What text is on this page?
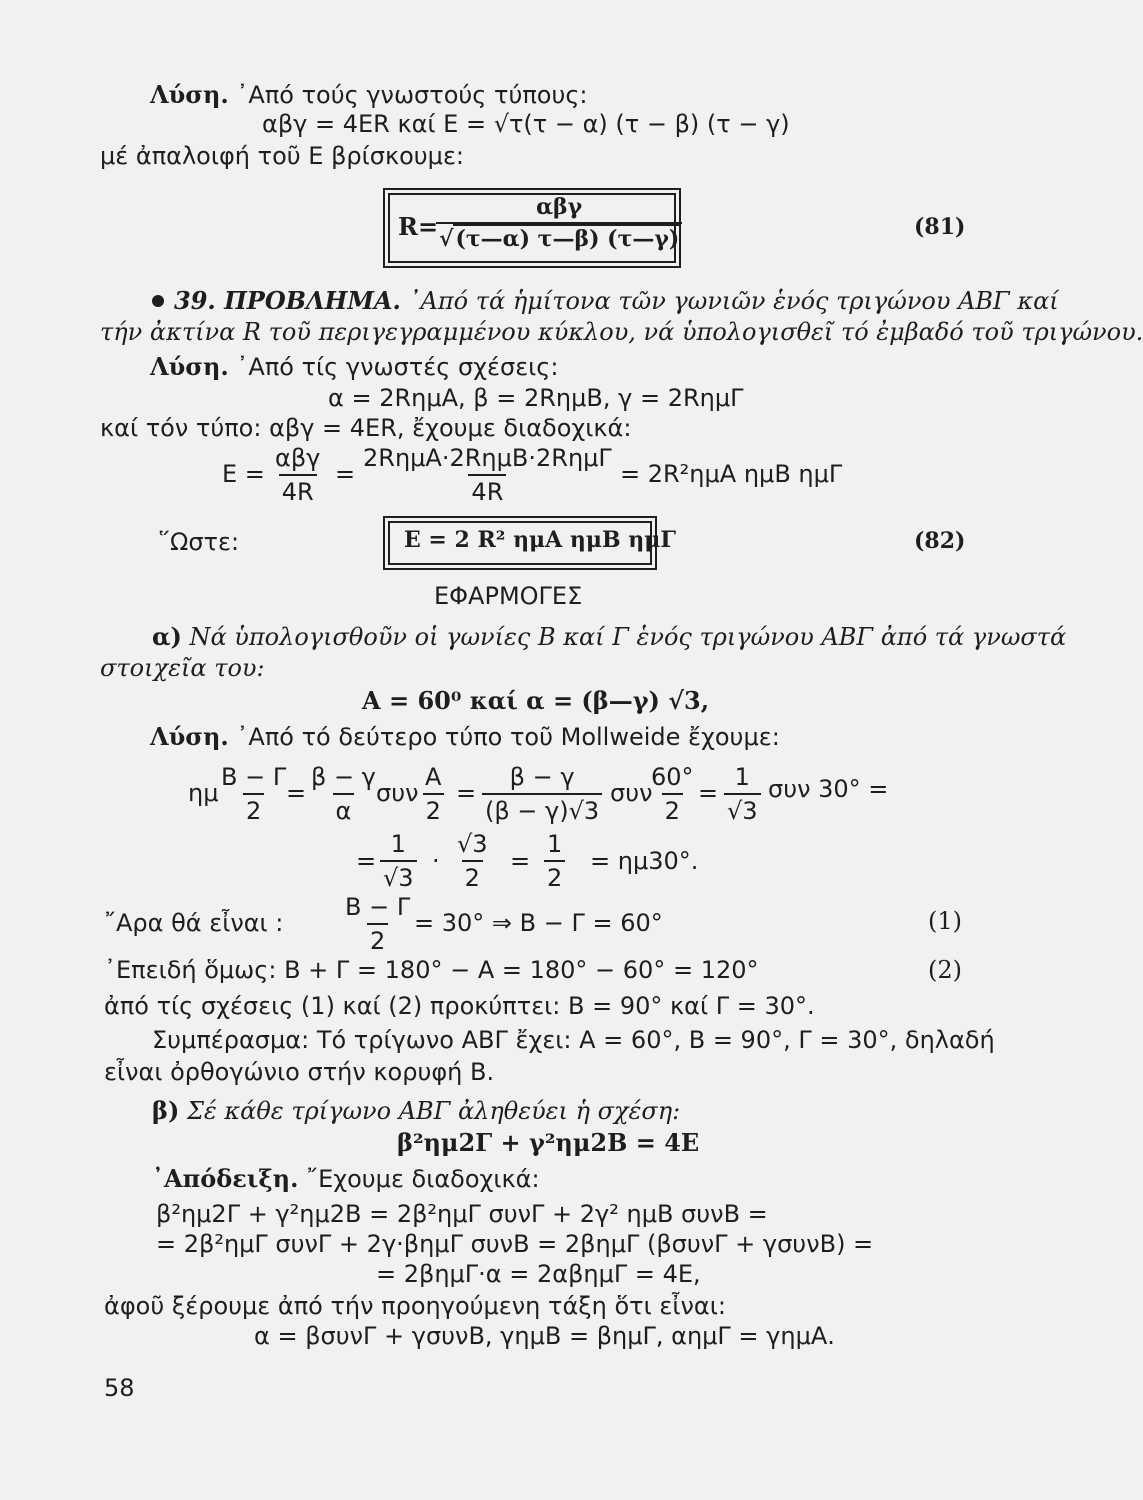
Λύση. ᾿Από τούς γνωστούς τύπους:
αβγ = 4ER καί E = √τ(τ − α) (τ − β) (τ − γ)
μέ ἀπαλοιφή τοῦ E βρίσκουμε:
R=
αβγ
√(τ—α) τ—β) (τ—γ)	(81)
39. ΠΡΟΒΛΗΜΑ. ᾿Από τά ἡμίτονα τῶν γωνιῶν ἑνός τριγώνου ΑΒΓ καί
τήν ἀκτίνα R τοῦ περιγεγραμμένου κύκλου, νά ὑπολογισθεῖ τό ἐμβαδό τοῦ τριγώνου.
Λύση. ᾿Από τίς γνωστές σχέσεις:
α = 2RημΑ, β = 2RημΒ, γ = 2RημΓ
καί τόν τύπο: αβγ = 4ER, ἔχουμε διαδοχικά:
E =
αβγ
4R
=
2RημΑ·2RημΒ·2RημΓ
4R
= 2R²ημΑ ημΒ ημΓ
῞Ωστε:	E = 2 R² ημΑ ημΒ ημΓ	(82)
ΕΦΑΡΜΟΓΕΣ
α) Νά ὑπολογισθοῦν οἱ γωνίες Β καί Γ ἑνός τριγώνου ΑΒΓ ἀπό τά γνωστά
στοιχεῖα του:
Α = 60⁰ καί α = (β—γ) √3,
Λύση. ᾿Από τό δεύτερο τύπο τοῦ Mollweide ἔχουμε:
ημ $\frac{B - \Gamma}{2}$
= $\frac{\beta - \gamma}{\alpha}$
συν $\frac{A}{2} = \frac{\beta - \gamma}{(\beta - \gamma)√3}$ συν
$\frac{60^\circ}{2} = \frac{1}{√3}$ συν 30° =
= $\frac{1}{√3} \cdot \frac{√3}{2} = \frac{1}{2} = \eta\mu 30^\circ$.
῎Αρα θά εἶναι : $\frac{B - \Gamma}{2} = 30^\circ$ ⇒ Β − Γ = 60°	(1)
᾿Επειδή ὅμως: Β + Γ = 180° − Α = 180° − 60° = 120°	(2)
ἀπό τίς σχέσεις (1) καί (2) προκύπτει: Β = 90° καί Γ = 30°.
Συμπέρασμα: Τό τρίγωνο ΑΒΓ ἔχει: Α = 60°, Β = 90°, Γ = 30°, δηλαδή
εἶναι ὀρθογώνιο στήν κορυφή Β.
β) Σέ κάθε τρίγωνο ΑΒΓ ἀληθεύει ἡ σχέση:
β²ημ2Γ + γ²ημ2Β = 4Ε
᾿Απόδειξη. ῎Εχουμε διαδοχικά:
β²ημ2Γ + γ²ημ2Β = 2β²ημΓ συνΓ + 2γ² ημΒ συνΒ =
= 2β²ημΓ συνΓ + 2γ·βημΓ συνΒ = 2βημΓ (βσυνΓ + γσυνΒ) =
= 2βημΓ·α = 2αβημΓ = 4Ε,
ἀφοῦ ξέρουμε ἀπό τήν προηγούμενη τάξη ὅτι εἶναι:
α = βσυνΓ + γσυνΒ, γημΒ = βημΓ, αημΓ = γημΑ.
58
